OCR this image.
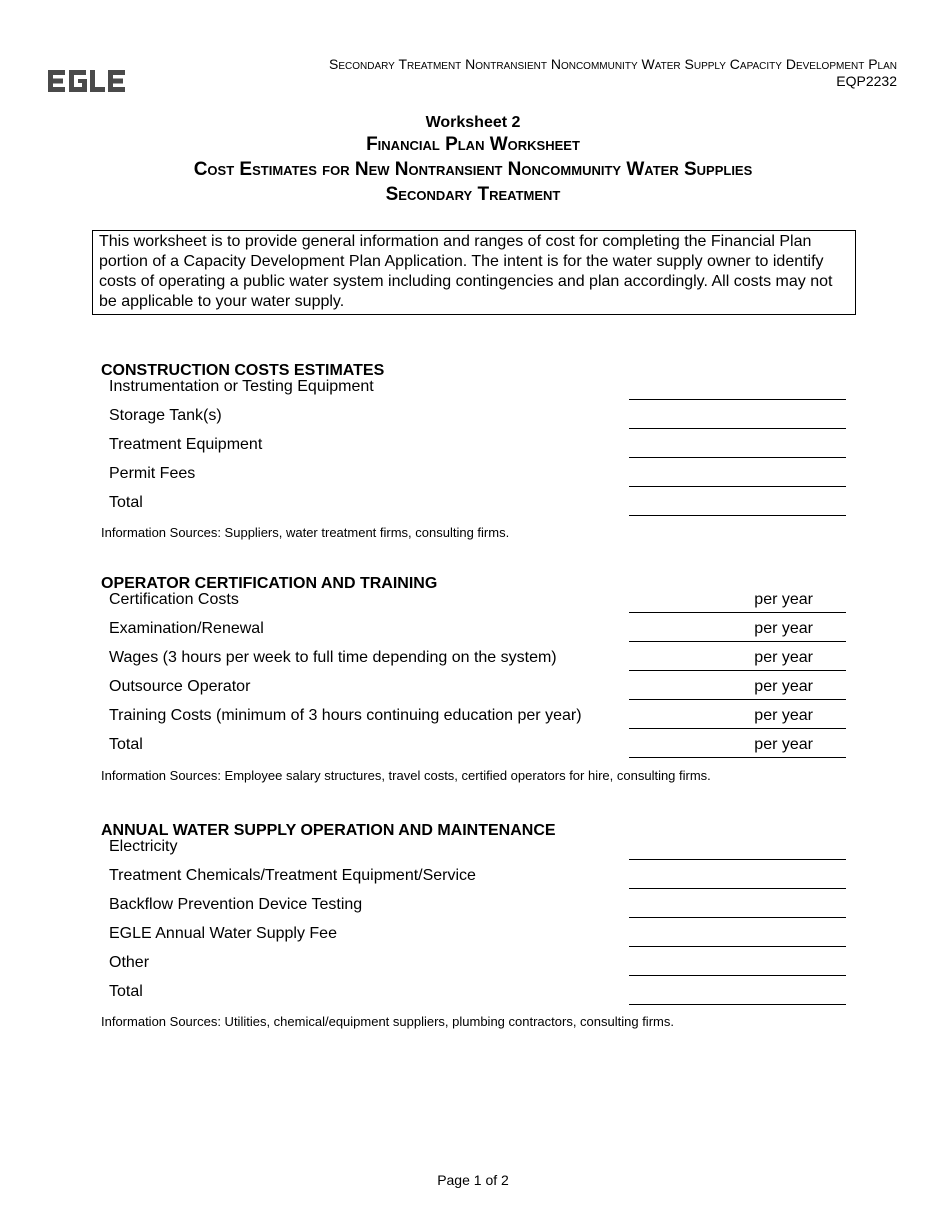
Secondary Treatment Nontransient Noncommunity Water Supply Capacity Development Plan
EQP2232
Worksheet 2
Financial Plan Worksheet
Cost Estimates for New Nontransient Noncommunity Water Supplies
Secondary Treatment
This worksheet is to provide general information and ranges of cost for completing the Financial Plan portion of a Capacity Development Plan Application. The intent is for the water supply owner to identify costs of operating a public water system including contingencies and plan accordingly. All costs may not be applicable to your water supply.
CONSTRUCTION COSTS ESTIMATES
Instrumentation or Testing Equipment
Storage Tank(s)
Treatment Equipment
Permit Fees
Total
Information Sources: Suppliers, water treatment firms, consulting firms.
OPERATOR CERTIFICATION AND TRAINING
Certification Costs	per year
Examination/Renewal	per year
Wages (3 hours per week to full time depending on the system)	per year
Outsource Operator	per year
Training Costs (minimum of 3 hours continuing education per year)	per year
Total	per year
Information Sources: Employee salary structures, travel costs, certified operators for hire, consulting firms.
ANNUAL WATER SUPPLY OPERATION AND MAINTENANCE
Electricity
Treatment Chemicals/Treatment Equipment/Service
Backflow Prevention Device Testing
EGLE Annual Water Supply Fee
Other
Total
Information Sources: Utilities, chemical/equipment suppliers, plumbing contractors, consulting firms.
Page 1 of 2
